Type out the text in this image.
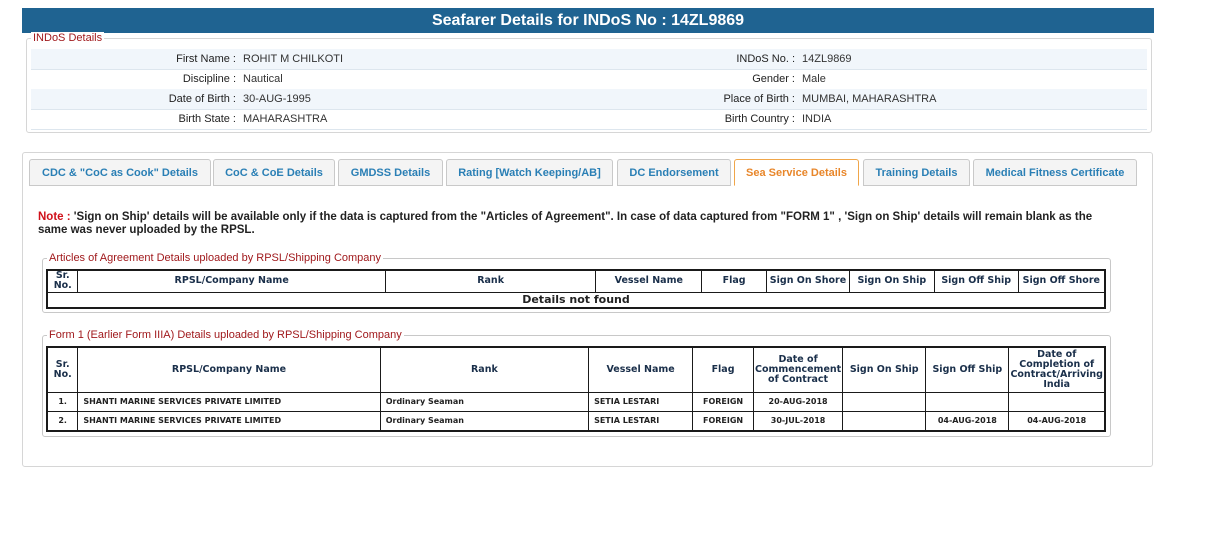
Seafarer Details for INDoS No : 14ZL9869
INDoS Details
First Name : ROHIT M CHILKOTI	INDoS No. : 14ZL9869
Discipline : Nautical	Gender : Male
Date of Birth : 30-AUG-1995	Place of Birth : MUMBAI, MAHARASHTRA
Birth State : MAHARASHTRA	Birth Country : INDIA
CDC & "CoC as Cook" Details CoC & CoE Details	GMDSS Details	Rating [Watch Keeping/AB]	DC Endorsement Sea Service Details	Training Details	Medical Fitness Certificate
Note : 'Sign on Ship' details will be available only if the data is captured from the "Articles of Agreement". In case of data captured from "FORM 1" , 'Sign on Ship' details will remain blank as the same was never uploaded by the RPSL.
Articles of Agreement Details uploaded by RPSL/Shipping Company
Sr. No.	RPSL/Company Name	Rank	Vessel Name	Flag	Sign On Shore	Sign On Ship	Sign Off Ship	Sign Off Shore
Details not found
Form 1 (Earlier Form IIIA) Details uploaded by RPSL/Shipping Company
Sr. No.	RPSL/Company Name	Rank	Vessel Name	Flag	Date of Commencement of Contract	Sign On Ship	Sign Off Ship	Date of Completion of Contract/Arriving India
1.	SHANTI MARINE SERVICES PRIVATE LIMITED	Ordinary Seaman	SETIA LESTARI	FOREIGN	20-AUG-2018			
2.	SHANTI MARINE SERVICES PRIVATE LIMITED	Ordinary Seaman	SETIA LESTARI	FOREIGN	30-JUL-2018		04-AUG-2018	04-AUG-2018
